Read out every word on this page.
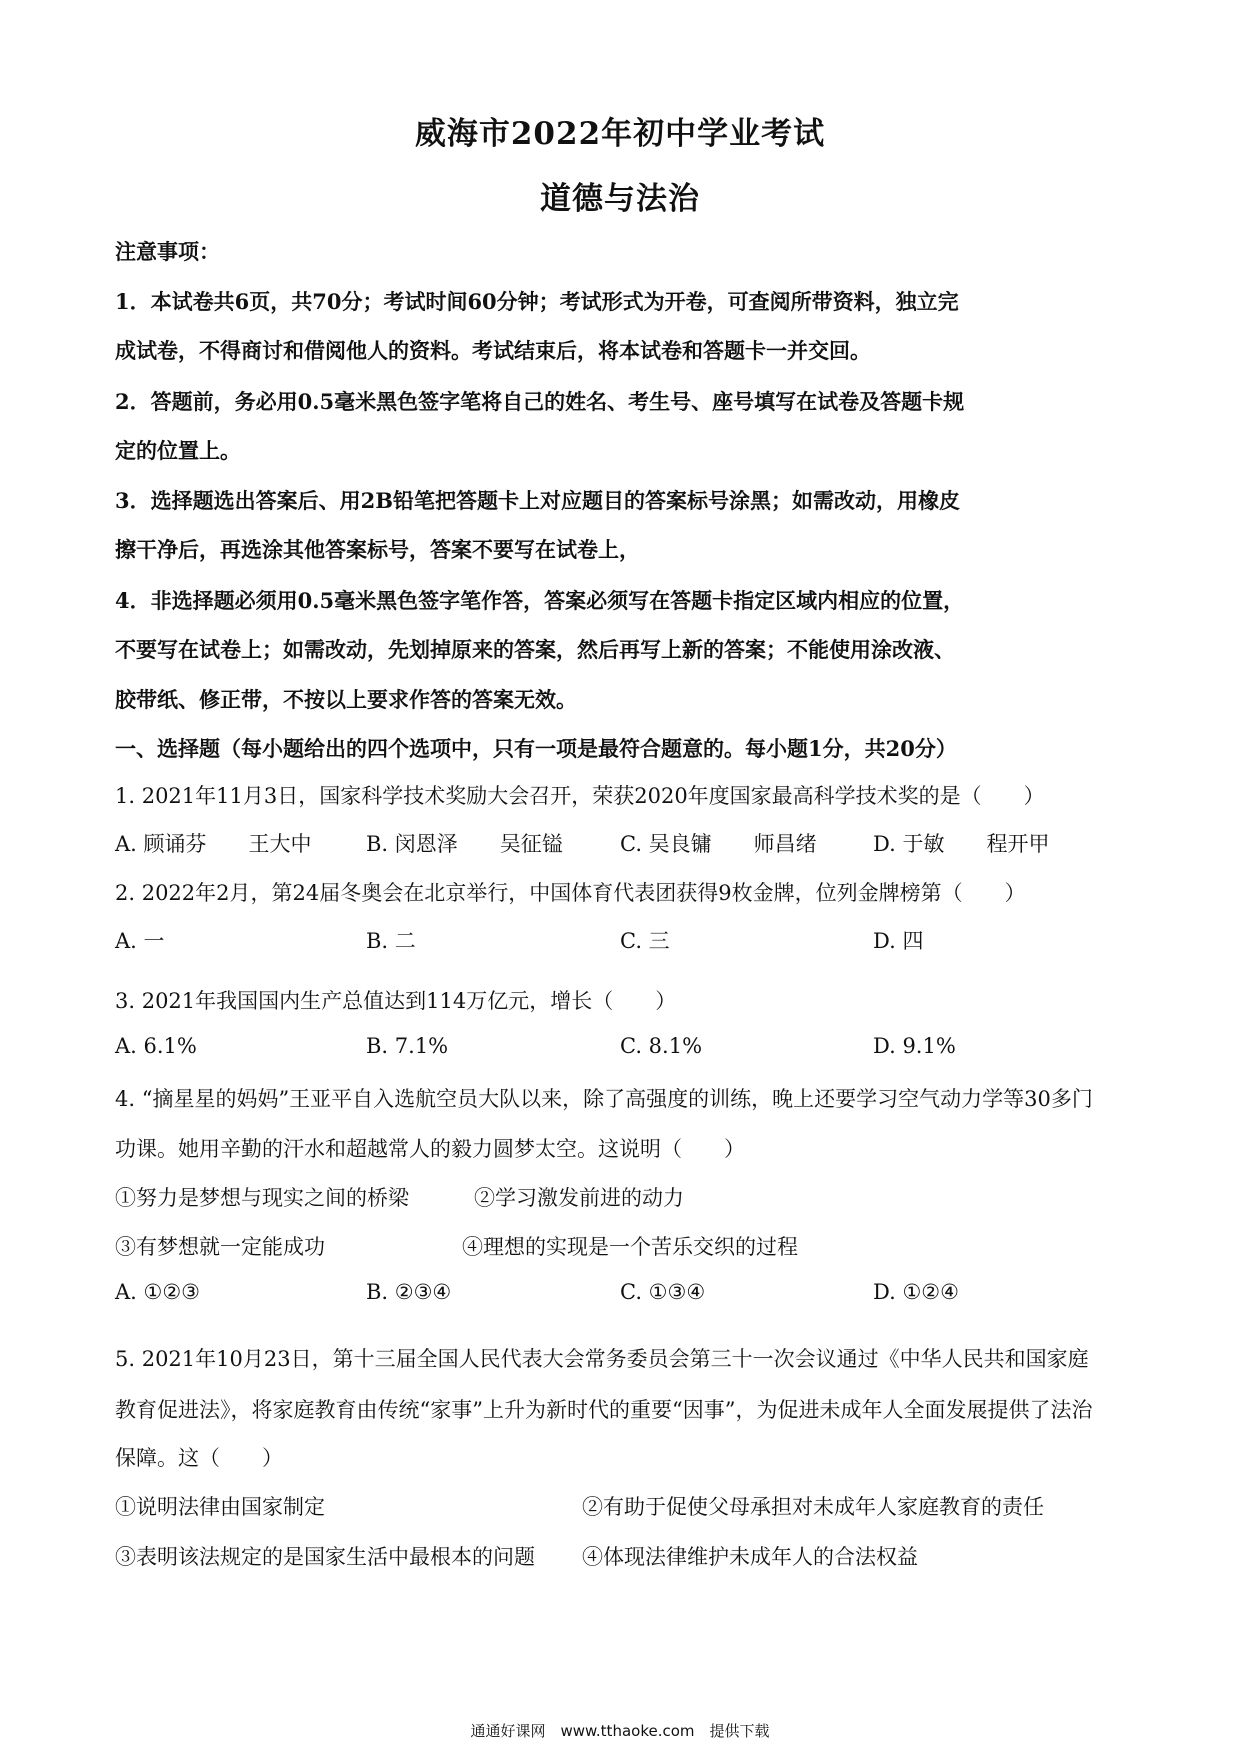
威海市2022年初中学业考试
道德与法治
注意事项：
1．本试卷共6页，共70分；考试时间60分钟；考试形式为开卷，可查阅所带资料，独立完
成试卷，不得商讨和借阅他人的资料。考试结束后，将本试卷和答题卡一并交回。
2．答题前，务必用0.5毫米黑色签字笔将自己的姓名、考生号、座号填写在试卷及答题卡规
定的位置上。
3．选择题选出答案后、用2B铅笔把答题卡上对应题目的答案标号涂黑；如需改动，用橡皮
擦干净后，再选涂其他答案标号，答案不要写在试卷上，
4．非选择题必须用0.5毫米黑色签字笔作答，答案必须写在答题卡指定区域内相应的位置，
不要写在试卷上；如需改动，先划掉原来的答案，然后再写上新的答案；不能使用涂改液、
胶带纸、修正带，不按以上要求作答的答案无效。
一、选择题（每小题给出的四个选项中，只有一项是最符合题意的。每小题1分，共20分）
1. 2021年11月3日，国家科学技术奖励大会召开，荣获2020年度国家最高科学技术奖的是（　　）
A. 顾诵芬　　王大中	B. 闵恩泽　　吴征镒	C. 吴良镛　　师昌绪	D. 于敏　　程开甲
2. 2022年2月，第24届冬奥会在北京举行，中国体育代表团获得9枚金牌，位列金牌榜第（　　）
A. 一	B. 二	C. 三	D. 四
3. 2021年我国国内生产总值达到114万亿元，增长（　　）
A. 6.1%	B. 7.1%	C. 8.1%	D. 9.1%
4. “摘星星的妈妈”王亚平自入选航空员大队以来，除了高强度的训练，晚上还要学习空气动力学等30多门
功课。她用辛勤的汗水和超越常人的毅力圆梦太空。这说明（　　）
①努力是梦想与现实之间的桥梁	②学习激发前进的动力
③有梦想就一定能成功	④理想的实现是一个苦乐交织的过程
A. ①②③	B. ②③④	C. ①③④	D. ①②④
5. 2021年10月23日，第十三届全国人民代表大会常务委员会第三十一次会议通过《中华人民共和国家庭
教育促进法》，将家庭教育由传统“家事”上升为新时代的重要“因事”，为促进未成年人全面发展提供了法治
保障。这（　　）
①说明法律由国家制定	②有助于促使父母承担对未成年人家庭教育的责任
③表明该法规定的是国家生活中最根本的问题 ④体现法律维护未成年人的合法权益
通通好课网　www.tthaoke.com　提供下载
